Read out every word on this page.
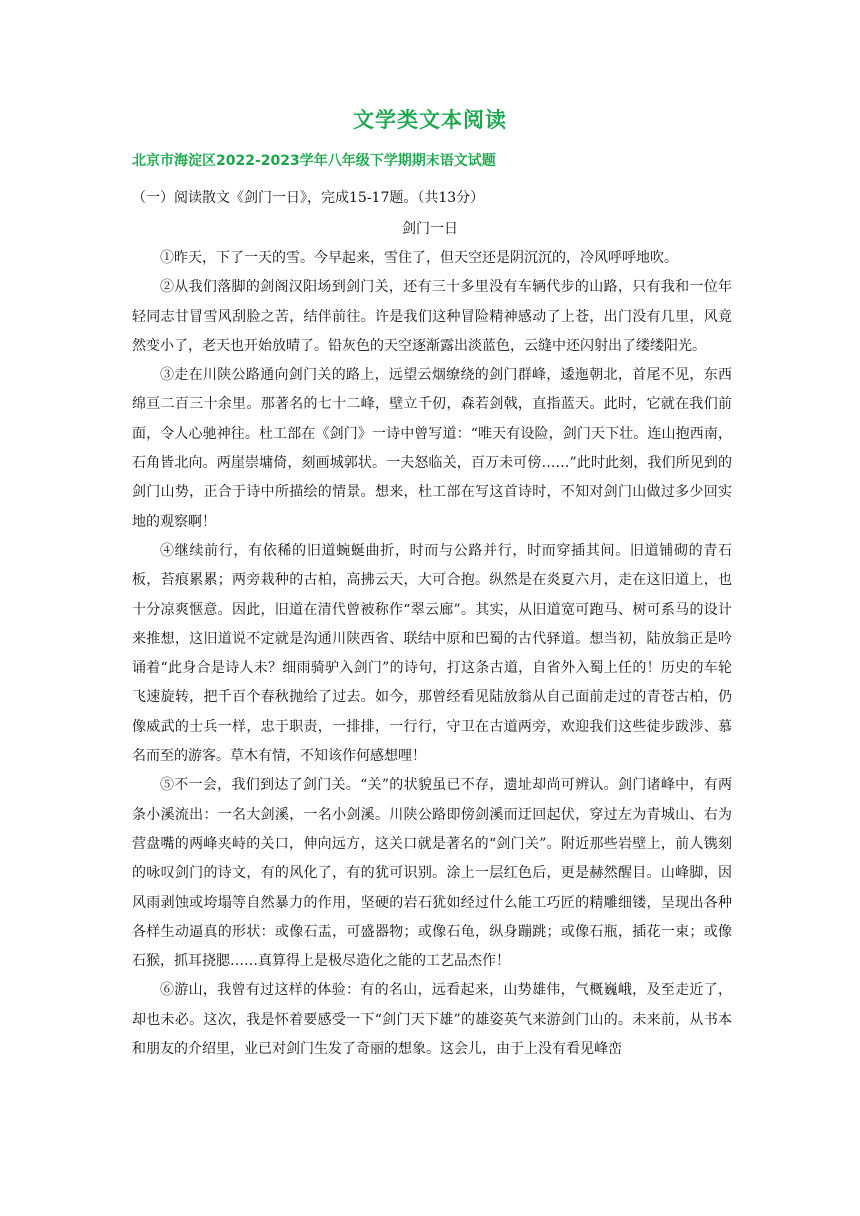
文学类文本阅读
北京市海淀区2022-2023学年八年级下学期期末语文试题
（一）阅读散文《剑门一日》，完成15-17题。（共13分）
剑门一日

①昨天，下了一天的雪。今早起来，雪住了，但天空还是阴沉沉的，冷风呼呼地吹。

②从我们落脚的剑阁汉阳场到剑门关，还有三十多里没有车辆代步的山路，只有我和一位年轻同志甘冒雪风刮脸之苦，结伴前往。许是我们这种冒险精神感动了上苍，出门没有几里，风竟然变小了，老天也开始放晴了。铅灰色的天空逐渐露出淡蓝色，云缝中还闪射出了缕缕阳光。

③走在川陕公路通向剑门关的路上，远望云烟缭绕的剑门群峰，逶迤朝北，首尾不见，东西绵亘二百三十余里。那著名的七十二峰，壁立千仞，森若剑戟，直指蓝天。此时，它就在我们前面，令人心驰神往。杜工部在《剑门》一诗中曾写道：“唯天有设险，剑门天下壮。连山抱西南，石角皆北向。两崖崇墉倚，刻画城郭状。一夫怒临关，百万未可傍……”此时此刻，我们所见到的剑门山势，正合于诗中所描绘的情景。想来，杜工部在写这首诗时，不知对剑门山做过多少回实地的观察啊！

④继续前行，有依稀的旧道蜿蜒曲折，时而与公路并行，时而穿插其间。旧道铺砌的青石板，苔痕累累；两旁栽种的古柏，高拂云天，大可合抱。纵然是在炎夏六月，走在这旧道上，也十分凉爽惬意。因此，旧道在清代曾被称作“翠云廊”。其实，从旧道宽可跑马、树可系马的设计来推想，这旧道说不定就是沟通川陕西省、联结中原和巴蜀的古代驿道。想当初，陆放翁正是吟诵着“此身合是诗人未？细雨骑驴入剑门”的诗句，打这条古道，自省外入蜀上任的！历史的车轮飞速旋转，把千百个春秋抛给了过去。如今，那曾经看见陆放翁从自己面前走过的青苍古柏，仍像威武的士兵一样，忠于职责，一排排，一行行，守卫在古道两旁，欢迎我们这些徒步跋涉、慕名而至的游客。草木有情，不知该作何感想哩！

⑤不一会，我们到达了剑门关。“关”的状貌虽已不存，遗址却尚可辨认。剑门诸峰中，有两条小溪流出：一名大剑溪，一名小剑溪。川陕公路即傍剑溪而迂回起伏，穿过左为青城山、右为营盘嘴的两峰夹峙的关口，伸向远方，这关口就是著名的“剑门关”。附近那些岩壁上，前人镌刻的咏叹剑门的诗文，有的风化了，有的犹可识别。涂上一层红色后，更是赫然醒目。山峰脚，因风雨剥蚀或垮塌等自然暴力的作用，坚硬的岩石犹如经过什么能工巧匠的精雕细镂，呈现出各种各样生动逼真的形状：或像石盂，可盛器物；或像石龟，纵身蹦跳；或像石瓶，插花一束；或像石猴，抓耳挠腮……真算得上是极尽造化之能的工艺品杰作！

⑥游山，我曾有过这样的体验：有的名山，远看起来，山势雄伟，气概巍峨，及至走近了，却也未必。这次，我是怀着要感受一下“剑门天下雄”的雄姿英气来游剑门山的。未来前，从书本和朋友的介绍里，业已对剑门生发了奇丽的想象。这会儿，由于上没有看见峰峦
